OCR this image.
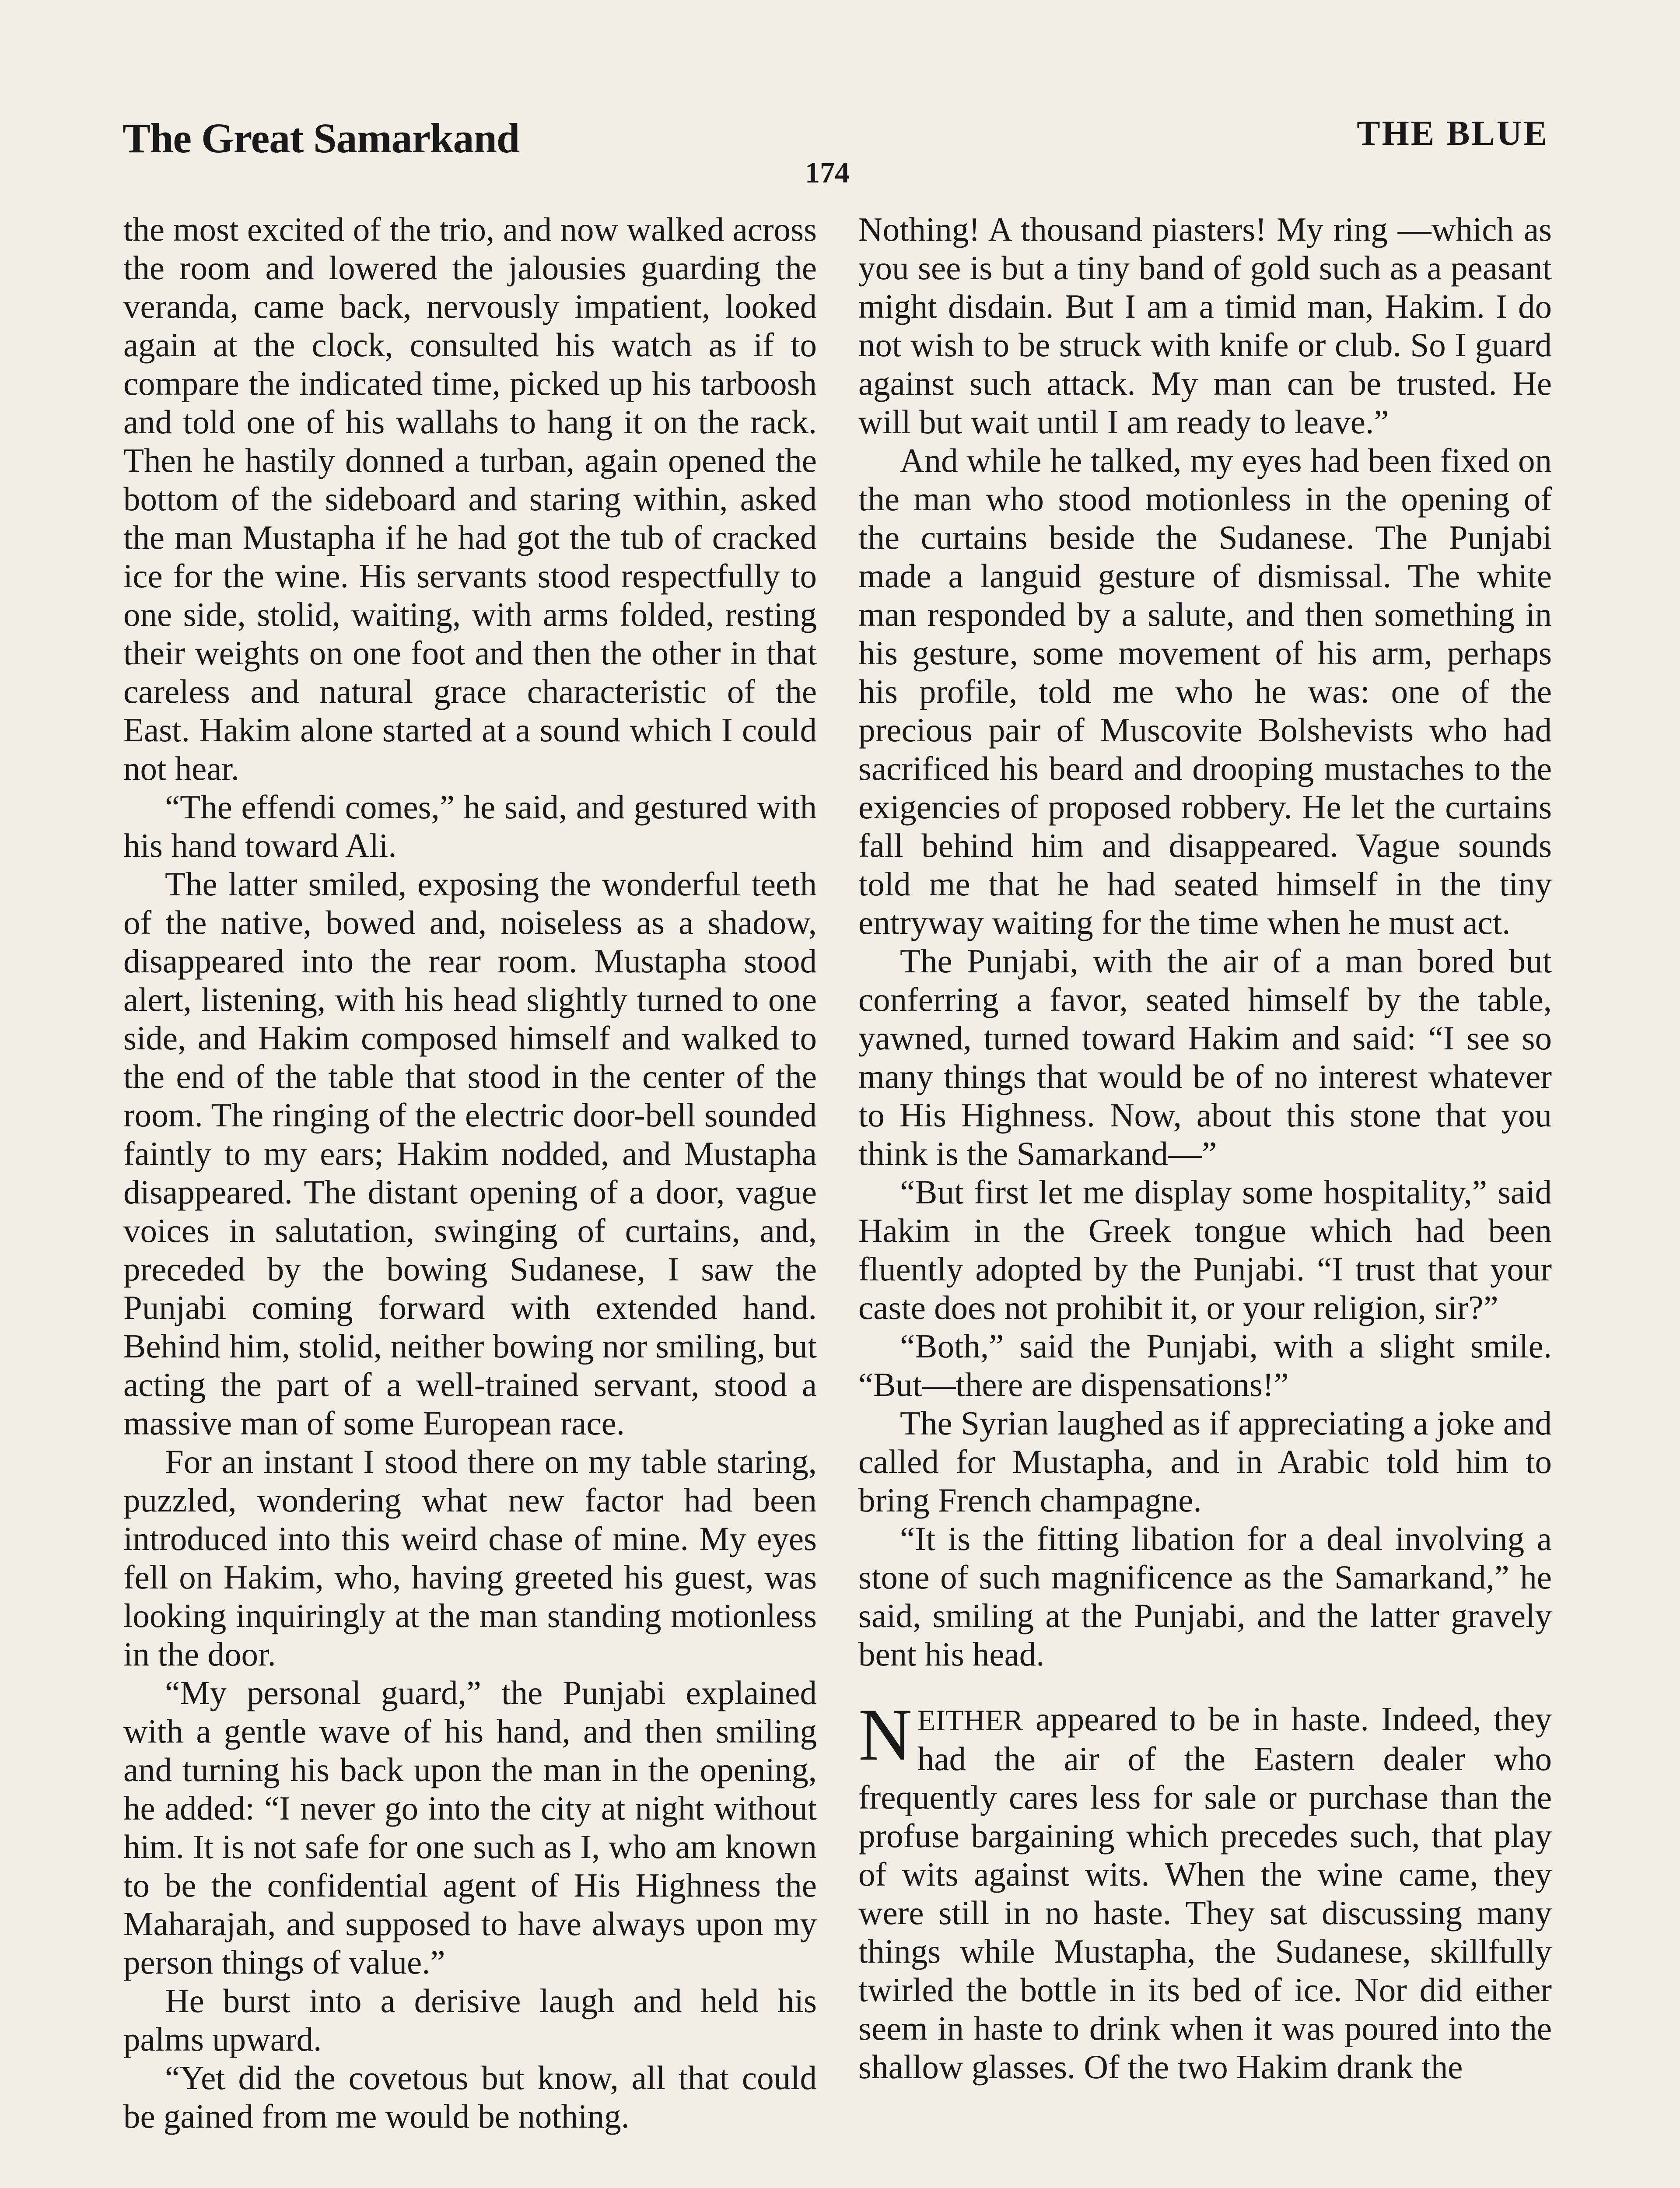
The Great Samarkand	THE BLUE
174

the most excited of the trio, and now walked across the room and lowered the jalousies guarding the veranda, came back, nervously impatient, looked again at the clock, consulted his watch as if to compare the indicated time, picked up his tarboosh and told one of his wallahs to hang it on the rack. Then he hastily donned a turban, again opened the bottom of the sideboard and staring within, asked the man Mustapha if he had got the tub of cracked ice for the wine. His servants stood respectfully to one side, stolid, waiting, with arms folded, resting their weights on one foot and then the other in that careless and natural grace characteristic of the East. Hakim alone started at a sound which I could not hear.

“The effendi comes,” he said, and gestured with his hand toward Ali.

The latter smiled, exposing the wonderful teeth of the native, bowed and, noiseless as a shadow, disappeared into the rear room. Mustapha stood alert, listening, with his head slightly turned to one side, and Hakim composed himself and walked to the end of the table that stood in the center of the room. The ringing of the electric door-bell sounded faintly to my ears; Hakim nodded, and Mustapha disappeared. The distant opening of a door, vague voices in salutation, swinging of curtains, and, preceded by the bowing Sudanese, I saw the Punjabi coming forward with extended hand. Behind him, stolid, neither bowing nor smiling, but acting the part of a well-trained servant, stood a massive man of some European race.

For an instant I stood there on my table staring, puzzled, wondering what new factor had been introduced into this weird chase of mine. My eyes fell on Hakim, who, having greeted his guest, was looking inquiringly at the man standing motionless in the door.

“My personal guard,” the Punjabi explained with a gentle wave of his hand, and then smiling and turning his back upon the man in the opening, he added: “I never go into the city at night without him. It is not safe for one such as I, who am known to be the confidential agent of His Highness the Maharajah, and supposed to have always upon my person things of value.”

He burst into a derisive laugh and held his palms upward.

“Yet did the covetous but know, all that could be gained from me would be nothing.

Nothing! A thousand piasters! My ring —which as you see is but a tiny band of gold such as a peasant might disdain. But I am a timid man, Hakim. I do not wish to be struck with knife or club. So I guard against such attack. My man can be trusted. He will but wait until I am ready to leave.”

And while he talked, my eyes had been fixed on the man who stood motionless in the opening of the curtains beside the Sudanese. The Punjabi made a languid gesture of dismissal. The white man responded by a salute, and then something in his gesture, some movement of his arm, perhaps his profile, told me who he was: one of the precious pair of Muscovite Bolshevists who had sacrificed his beard and drooping mustaches to the exigencies of proposed robbery. He let the curtains fall behind him and disappeared. Vague sounds told me that he had seated himself in the tiny entryway waiting for the time when he must act.

The Punjabi, with the air of a man bored but conferring a favor, seated himself by the table, yawned, turned toward Hakim and said: “I see so many things that would be of no interest whatever to His Highness. Now, about this stone that you think is the Samarkand—”

“But first let me display some hospitality,” said Hakim in the Greek tongue which had been fluently adopted by the Punjabi. “I trust that your caste does not prohibit it, or your religion, sir?”

“Both,” said the Punjabi, with a slight smile. “But—there are dispensations!”

The Syrian laughed as if appreciating a joke and called for Mustapha, and in Arabic told him to bring French champagne.

“It is the fitting libation for a deal involving a stone of such magnificence as the Samarkand,” he said, smiling at the Punjabi, and the latter gravely bent his head.

NEITHER appeared to be in haste. Indeed, they had the air of the Eastern dealer who frequently cares less for sale or purchase than the profuse bargaining which precedes such, that play of wits against wits. When the wine came, they were still in no haste. They sat discussing many things while Mustapha, the Sudanese, skillfully twirled the bottle in its bed of ice. Nor did either seem in haste to drink when it was poured into the shallow glasses. Of the two Hakim drank the
